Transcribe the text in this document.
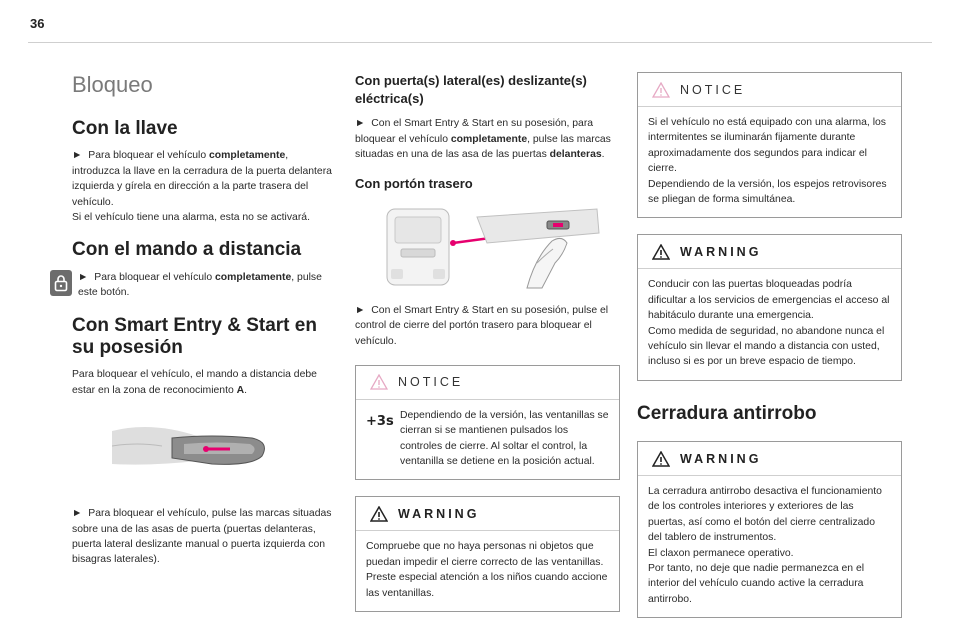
36
Bloqueo
Con la llave

► Para bloquear el vehículo completamente, introduzca la llave en la cerradura de la puerta delantera izquierda y gírela en dirección a la parte trasera del vehículo.
Si el vehículo tiene una alarma, esta no se activará.

Con el mando a distancia

► Para bloquear el vehículo completamente, pulse este botón.

Con Smart Entry & Start en su posesión

Para bloquear el vehículo, el mando a distancia debe estar en la zona de reconocimiento A.

► Para bloquear el vehículo, pulse las marcas situadas sobre una de las asas de puerta (puertas delanteras, puerta lateral deslizante manual o puerta izquierda con bisagras laterales).

Con puerta(s) lateral(es) deslizante(s) eléctrica(s)

► Con el Smart Entry & Start en su posesión, para bloquear el vehículo completamente, pulse las marcas situadas en una de las asa de las puertas delanteras.

Con portón trasero

► Con el Smart Entry & Start en su posesión, pulse el control de cierre del portón trasero para bloquear el vehículo.

NOTICE
+3s Dependiendo de la versión, las ventanillas se cierran si se mantienen pulsados los controles de cierre. Al soltar el control, la ventanilla se detiene en la posición actual.

WARNING

Compruebe que no haya personas ni objetos que puedan impedir el cierre correcto de las ventanillas. Preste especial atención a los niños cuando accione las ventanillas.

NOTICE

Si el vehículo no está equipado con una alarma, los intermitentes se iluminarán fijamente durante aproximadamente dos segundos para indicar el cierre.

Dependiendo de la versión, los espejos retrovisores se pliegan de forma simultánea.

WARNING

Conducir con las puertas bloqueadas podría dificultar a los servicios de emergencias el acceso al habitáculo durante una emergencia.

Como medida de seguridad, no abandone nunca el vehículo sin llevar el mando a distancia con usted, incluso si es por un breve espacio de tiempo.

Cerradura antirrobo
WARNING

La cerradura antirrobo desactiva el funcionamiento de los controles interiores y exteriores de las puertas, así como el botón del cierre centralizado del tablero de instrumentos.

El claxon permanece operativo.

Por tanto, no deje que nadie permanezca en el interior del vehículo cuando active la cerradura antirrobo.
